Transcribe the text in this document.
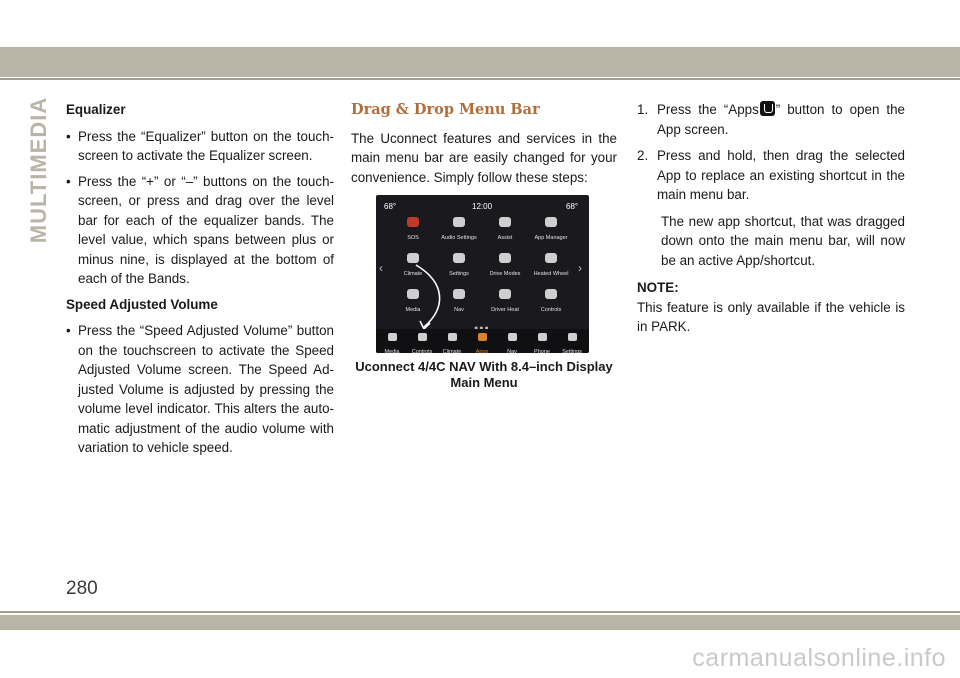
MULTIMEDIA Equalizer
• Press the “Equalizer” button on the touch-screen to activate the Equalizer screen.
• Press the “+” or “–” buttons on the touch-screen, or press and drag over the level bar for each of the equalizer bands. The level value, which spans between plus or minus nine, is displayed at the bottom of each of the Bands.
Speed Adjusted Volume
• Press the “Speed Adjusted Volume” button on the touchscreen to activate the Speed Adjusted Volume screen. The Speed Ad-justed Volume is adjusted by pressing the volume level indicator. This alters the auto-matic adjustment of the audio volume with variation to vehicle speed.
Drag & Drop Menu Bar
The Uconnect features and services in the main menu bar are easily changed for your convenience. Simply follow these steps:
68°	12:00	68°
‹	›
SOS	Audio Settings	Assist	App Manager
Climate	Settings	Drive Modes	Heated Wheel
Media	Nav	Driver Heat	Controls
Media	Controls	Climate	Apps	Nav	Phone	Settings
Uconnect 4/4C NAV With 8.4–inch Display Main Menu
1. Press the “Apps ” button to open the App screen.
2. Press and hold, then drag the selected App to replace an existing shortcut in the main menu bar.
The new app shortcut, that was dragged down onto the main menu bar, will now be an active App/shortcut.
NOTE:
This feature is only available if the vehicle is in PARK.
280
carmanualsonline.info
